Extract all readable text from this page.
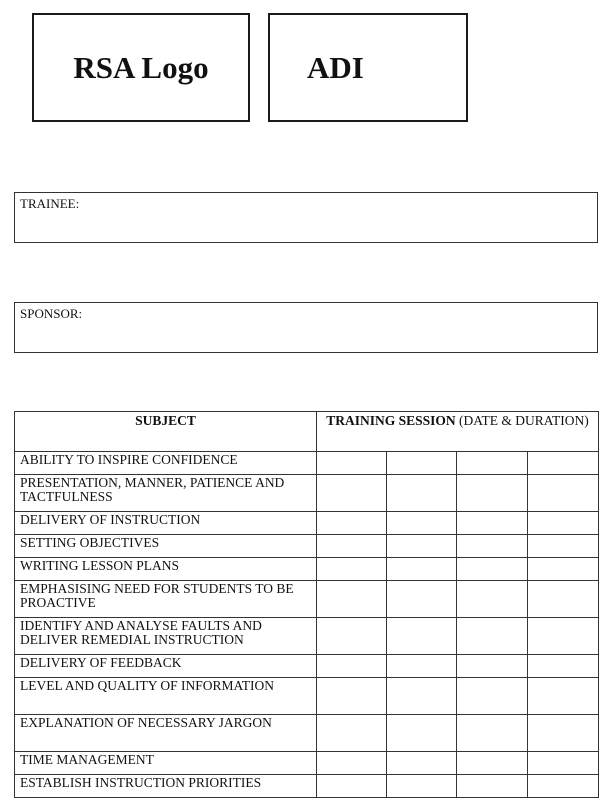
RSA Logo	ADI
TRAINEE:
SPONSOR:
SUBJECT	TRAINING SESSION (DATE & DURATION)			
ABILITY TO INSPIRE CONFIDENCE				
PRESENTATION, MANNER, PATIENCE AND TACTFULNESS				
DELIVERY OF INSTRUCTION				
SETTING OBJECTIVES				
WRITING LESSON PLANS				
EMPHASISING NEED FOR STUDENTS TO BE PROACTIVE				
IDENTIFY AND ANALYSE FAULTS AND DELIVER REMEDIAL INSTRUCTION				
DELIVERY OF FEEDBACK				
LEVEL AND QUALITY OF INFORMATION				
EXPLANATION OF NECESSARY JARGON				
TIME MANAGEMENT				
ESTABLISH INSTRUCTION PRIORITIES				
